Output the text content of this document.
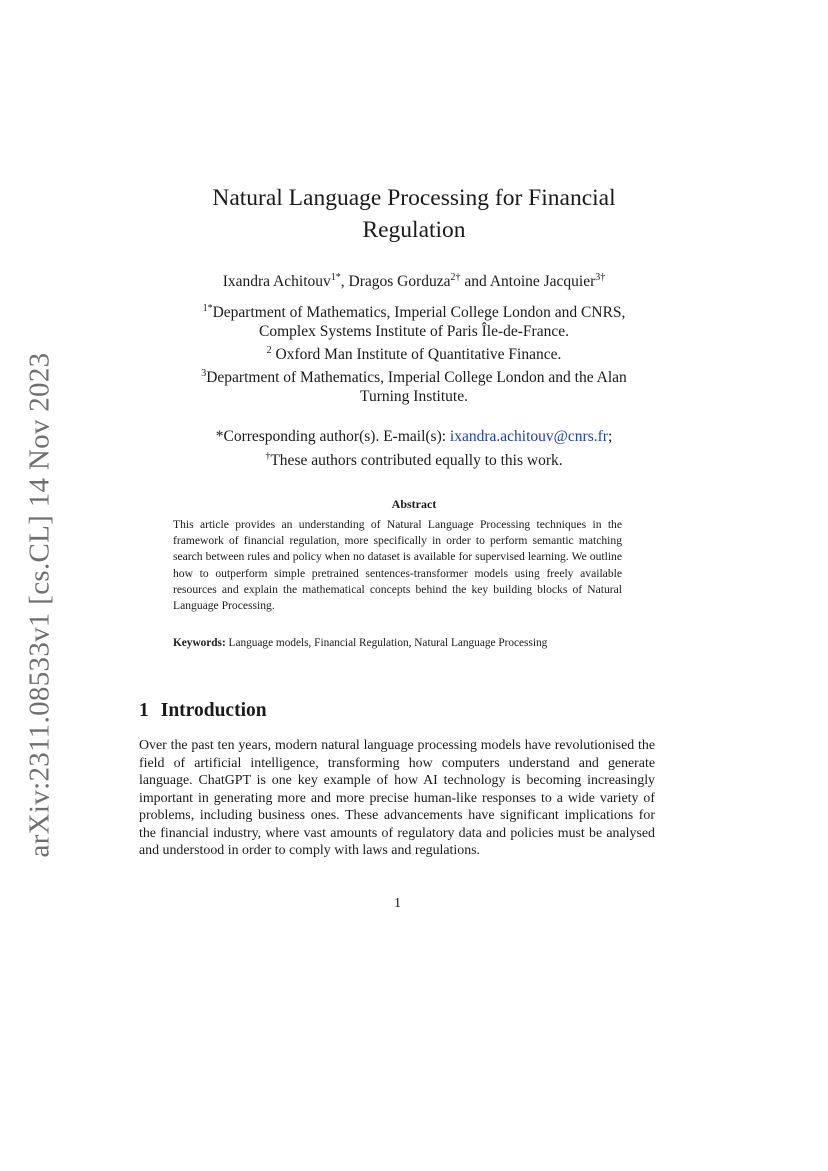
arXiv:2311.08533v1 [cs.CL] 14 Nov 2023
Natural Language Processing for Financial
Regulation
Ixandra Achitouv$^{1*}$, Dragos Gorduza$^{2\dagger}$ and Antoine Jacquier$^{3\dagger}$
$^{1*}$Department of Mathematics, Imperial College London and CNRS,
Complex Systems Institute of Paris Île-de-France.
$^2$ Oxford Man Institute of Quantitative Finance.
$^3$Department of Mathematics, Imperial College London and the Alan
Turning Institute.
*Corresponding author(s). E-mail(s): ixandra.achitouv@cnrs.fr;
†These authors contributed equally to this work.
Abstract
This article provides an understanding of Natural Language Processing techniques in the framework of financial regulation, more specifically in order to perform semantic matching search between rules and policy when no dataset is available for supervised learning. We outline how to outperform simple pretrained sentences-transformer models using freely available resources and explain the mathematical concepts behind the key building blocks of Natural Language Processing.
Keywords: Language models, Financial Regulation, Natural Language Processing
1 Introduction
Over the past ten years, modern natural language processing models have revolutionised the field of artificial intelligence, transforming how computers understand and generate language. ChatGPT is one key example of how AI technology is becoming increasingly important in generating more and more precise human-like responses to a wide variety of problems, including business ones. These advancements have significant implications for the financial industry, where vast amounts of regulatory data and policies must be analysed and understood in order to comply with laws and regulations.
1
